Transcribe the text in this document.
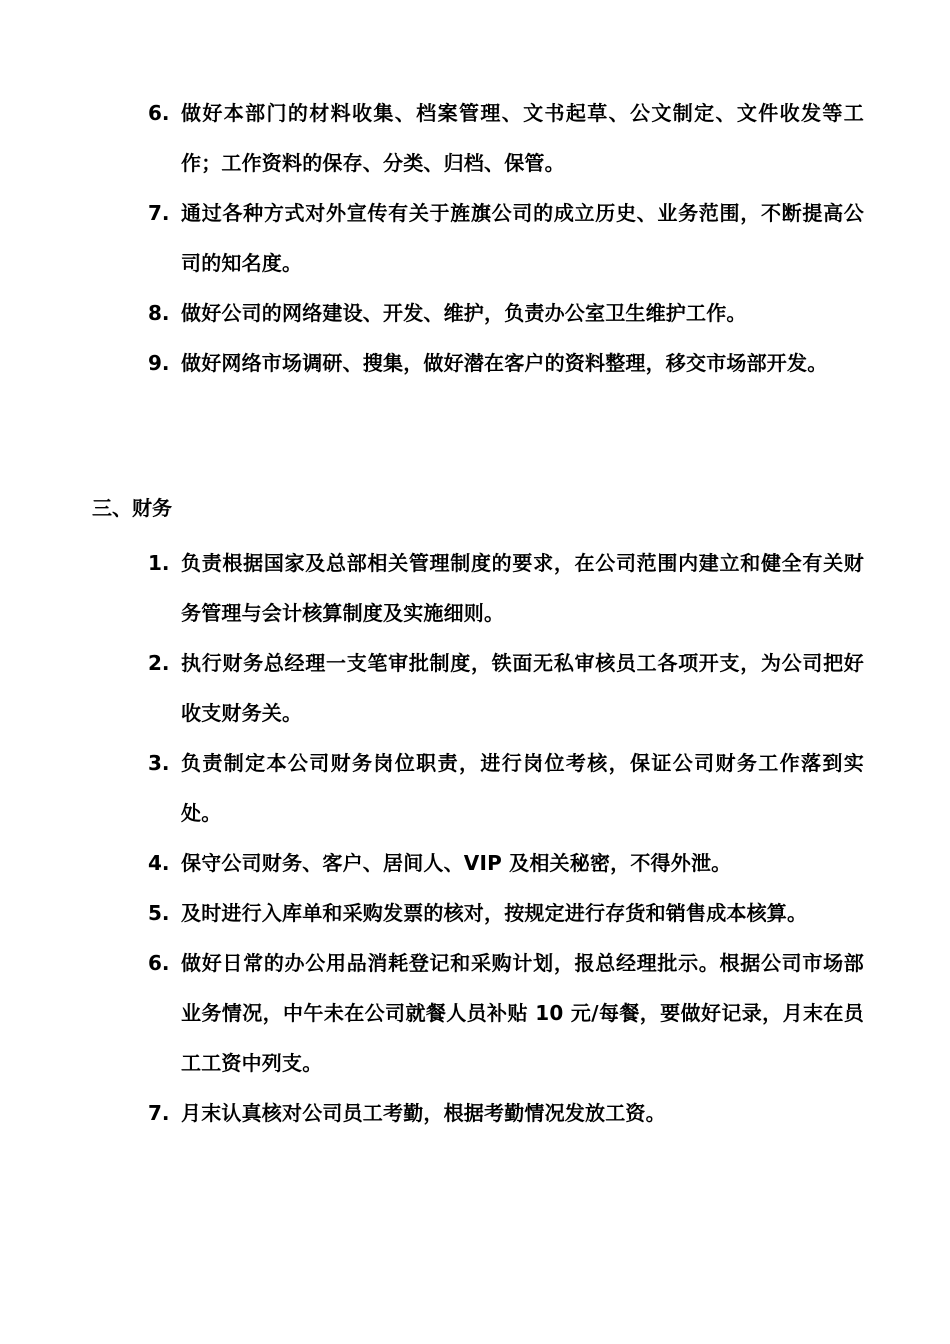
6. 做好本部门的材料收集、档案管理、文书起草、公文制定、文件收发等工作；工作资料的保存、分类、归档、保管。
7. 通过各种方式对外宣传有关于旌旗公司的成立历史、业务范围，不断提高公司的知名度。
8. 做好公司的网络建设、开发、维护，负责办公室卫生维护工作。
9. 做好网络市场调研、搜集，做好潜在客户的资料整理，移交市场部开发。
三、财务
1. 负责根据国家及总部相关管理制度的要求，在公司范围内建立和健全有关财务管理与会计核算制度及实施细则。
2. 执行财务总经理一支笔审批制度，铁面无私审核员工各项开支，为公司把好收支财务关。
3. 负责制定本公司财务岗位职责，进行岗位考核，保证公司财务工作落到实处。
4. 保守公司财务、客户、居间人、VIP 及相关秘密，不得外泄。
5. 及时进行入库单和采购发票的核对，按规定进行存货和销售成本核算。
6. 做好日常的办公用品消耗登记和采购计划，报总经理批示。根据公司市场部业务情况，中午未在公司就餐人员补贴 10 元/每餐，要做好记录，月末在员工工资中列支。
7. 月末认真核对公司员工考勤，根据考勤情况发放工资。
